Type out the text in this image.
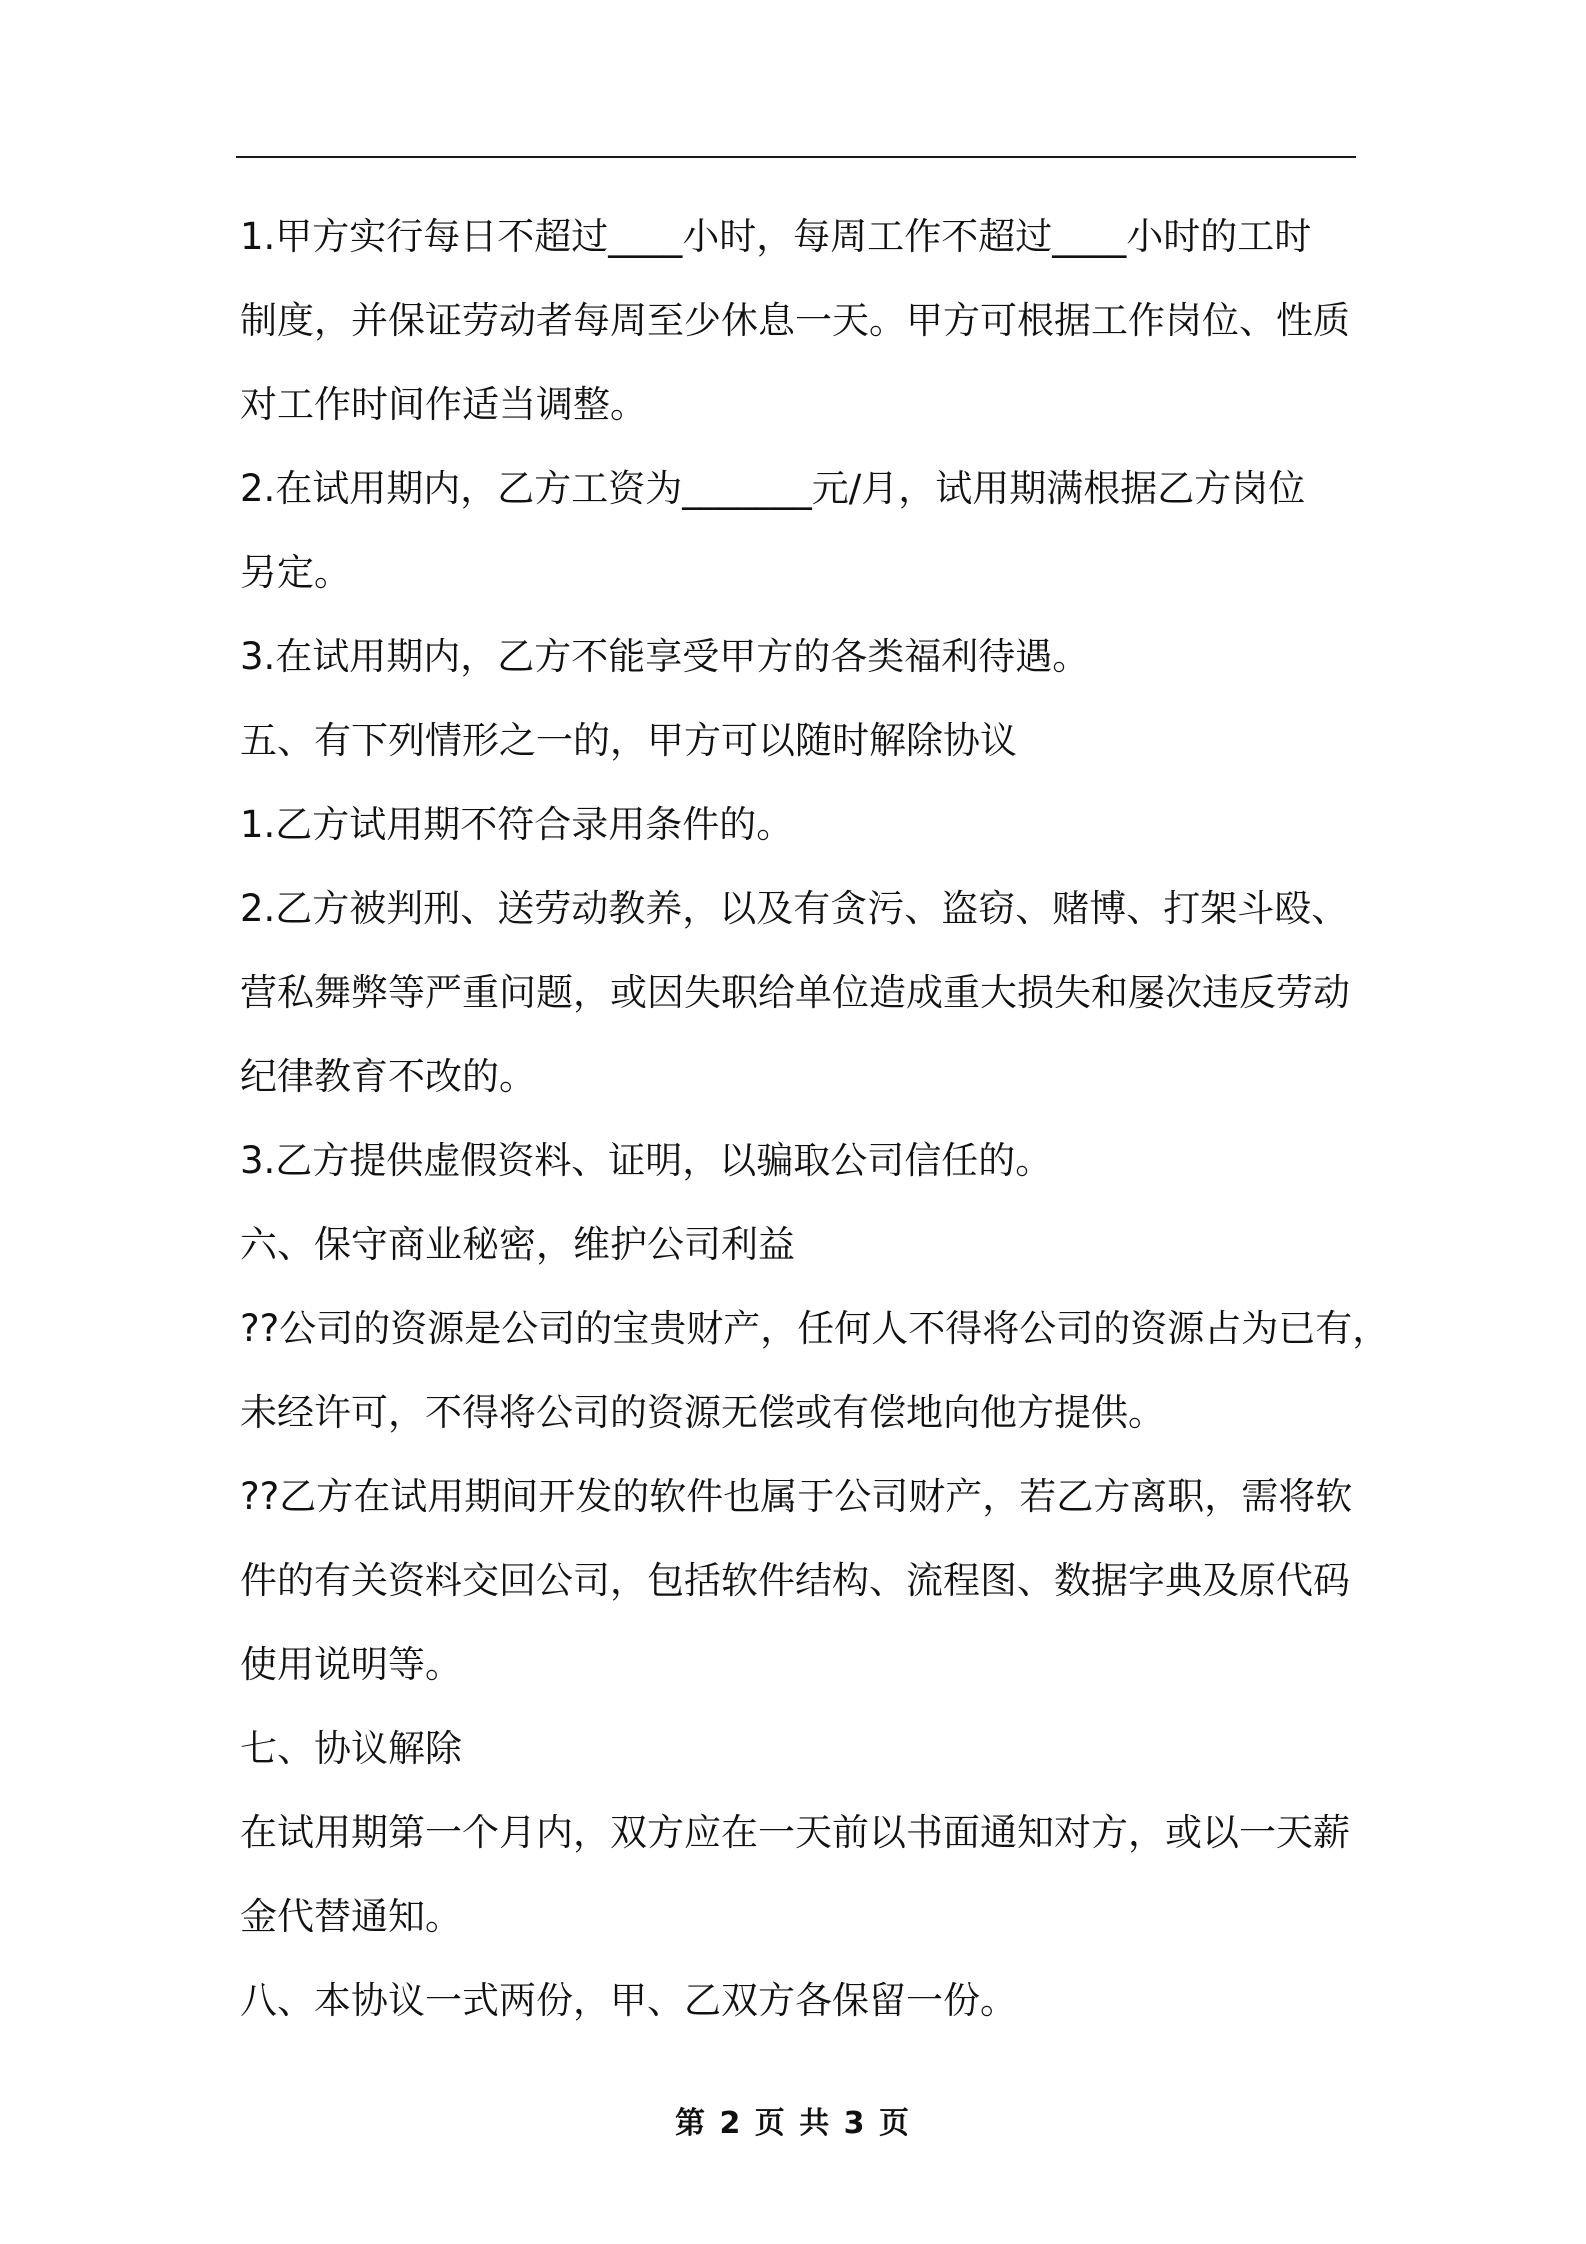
1.甲方实行每日不超过____小时，每周工作不超过____小时的工时
制度，并保证劳动者每周至少休息一天。甲方可根据工作岗位、性质
对工作时间作适当调整。
2.在试用期内，乙方工资为_______元/月，试用期满根据乙方岗位
另定。
3.在试用期内，乙方不能享受甲方的各类福利待遇。
五、有下列情形之一的，甲方可以随时解除协议
1.乙方试用期不符合录用条件的。
2.乙方被判刑、送劳动教养，以及有贪污、盗窃、赌博、打架斗殴、
营私舞弊等严重问题，或因失职给单位造成重大损失和屡次违反劳动
纪律教育不改的。
3.乙方提供虚假资料、证明，以骗取公司信任的。
六、保守商业秘密，维护公司利益
??公司的资源是公司的宝贵财产，任何人不得将公司的资源占为已有，
未经许可，不得将公司的资源无偿或有偿地向他方提供。
??乙方在试用期间开发的软件也属于公司财产，若乙方离职，需将软
件的有关资料交回公司，包括软件结构、流程图、数据字典及原代码
使用说明等。
七、协议解除
在试用期第一个月内，双方应在一天前以书面通知对方，或以一天薪
金代替通知。
八、本协议一式两份，甲、乙双方各保留一份。
第 2 页 共 3 页
